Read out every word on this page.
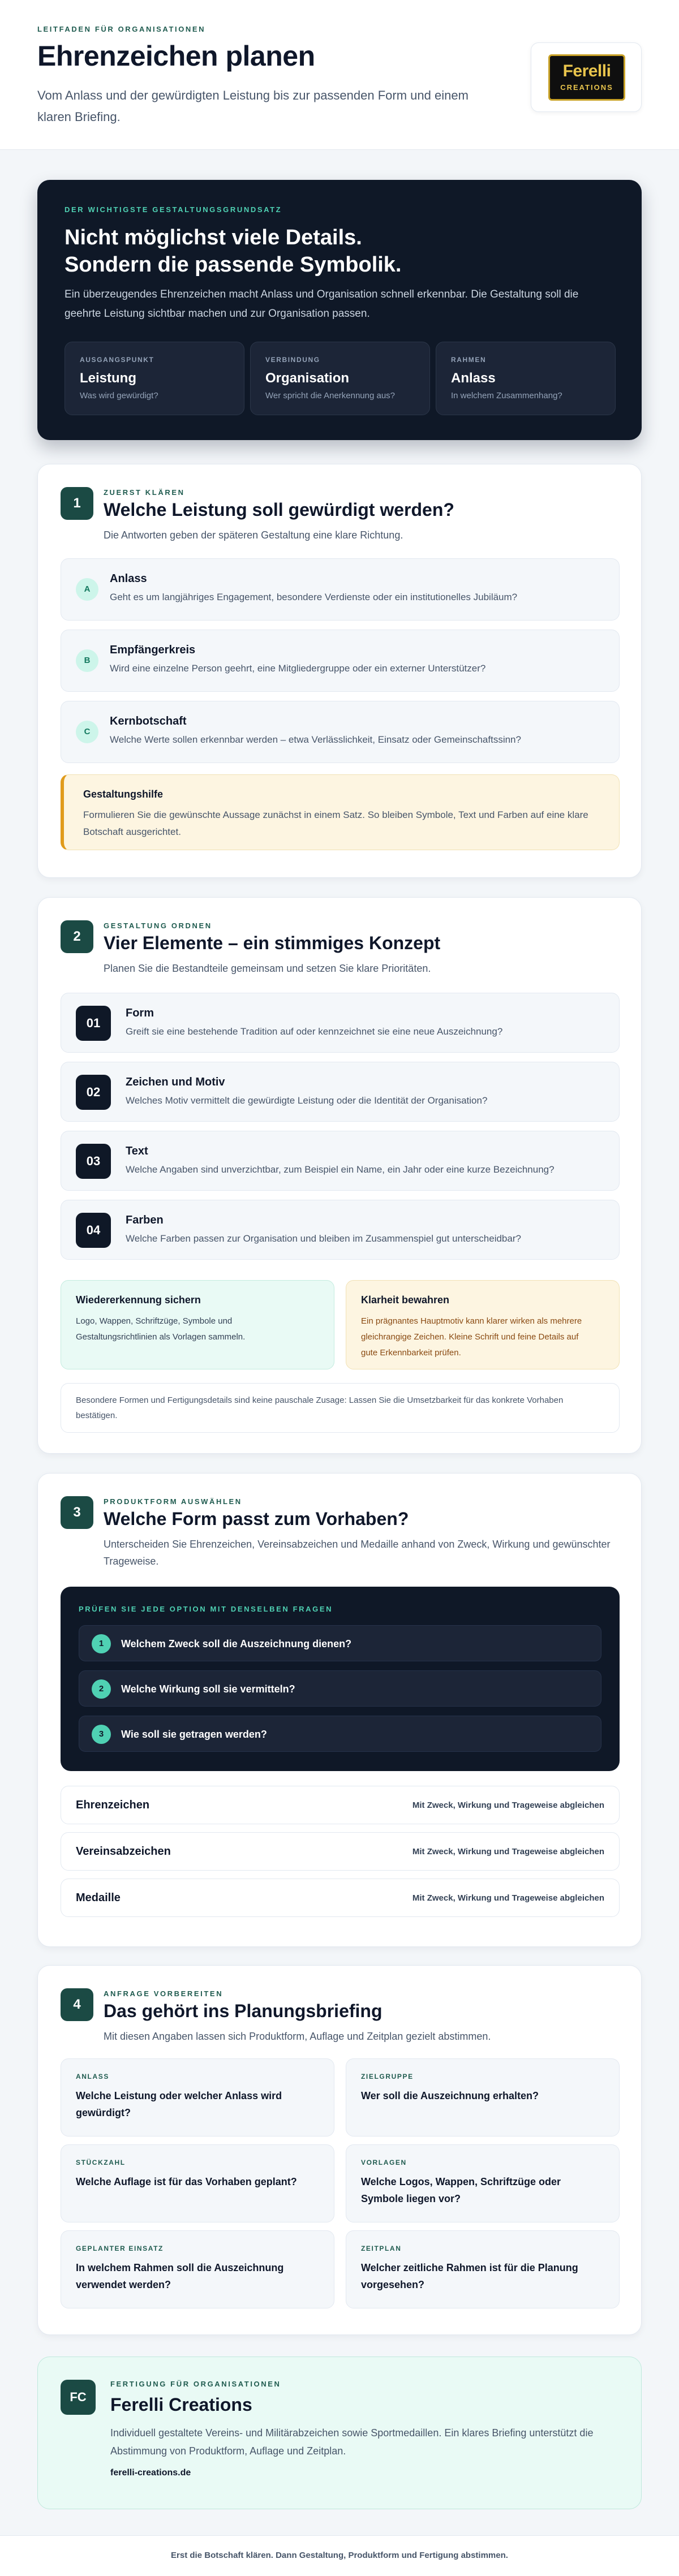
LEITFADEN FÜR ORGANISATIONEN
Ehrenzeichen planen
Vom Anlass und der gewürdigten Leistung bis zur passenden Form und einem klaren Briefing.
Ferelli
CREATIONS
DER WICHTIGSTE GESTALTUNGSGRUNDSATZ
Nicht möglichst viele Details.
Sondern die passende Symbolik.
Ein überzeugendes Ehrenzeichen macht Anlass und Organisation schnell erkennbar. Die Gestaltung soll die geehrte Leistung sichtbar machen und zur Organisation passen.
AUSGANGSPUNKT
Leistung
Was wird gewürdigt?
VERBINDUNG
Organisation
Wer spricht die Anerkennung aus?
RAHMEN
Anlass
In welchem Zusammenhang?
1
ZUERST KLÄREN
Welche Leistung soll gewürdigt werden?
Die Antworten geben der späteren Gestaltung eine klare Richtung.
A
Anlass
Geht es um langjähriges Engagement, besondere Verdienste oder ein institutionelles Jubiläum?
B
Empfängerkreis
Wird eine einzelne Person geehrt, eine Mitgliedergruppe oder ein externer Unterstützer?
C
Kernbotschaft
Welche Werte sollen erkennbar werden – etwa Verlässlichkeit, Einsatz oder Gemeinschaftssinn?
Gestaltungshilfe
Formulieren Sie die gewünschte Aussage zunächst in einem Satz. So bleiben Symbole, Text und Farben auf eine klare Botschaft ausgerichtet.
2
GESTALTUNG ORDNEN
Vier Elemente – ein stimmiges Konzept
Planen Sie die Bestandteile gemeinsam und setzen Sie klare Prioritäten.
01
Form
Greift sie eine bestehende Tradition auf oder kennzeichnet sie eine neue Auszeichnung?
02
Zeichen und Motiv
Welches Motiv vermittelt die gewürdigte Leistung oder die Identität der Organisation?
03
Text
Welche Angaben sind unverzichtbar, zum Beispiel ein Name, ein Jahr oder eine kurze Bezeichnung?
04
Farben
Welche Farben passen zur Organisation und bleiben im Zusammenspiel gut unterscheidbar?
Wiedererkennung sichern
Logo, Wappen, Schriftzüge, Symbole und Gestaltungsrichtlinien als Vorlagen sammeln.
Klarheit bewahren
Ein prägnantes Hauptmotiv kann klarer wirken als mehrere gleichrangige Zeichen. Kleine Schrift und feine Details auf gute Erkennbarkeit prüfen.
Besondere Formen und Fertigungsdetails sind keine pauschale Zusage: Lassen Sie die Umsetzbarkeit für das konkrete Vorhaben bestätigen.
3
PRODUKTFORM AUSWÄHLEN
Welche Form passt zum Vorhaben?
Unterscheiden Sie Ehrenzeichen, Vereinsabzeichen und Medaille anhand von Zweck, Wirkung und gewünschter Trageweise.
PRÜFEN SIE JEDE OPTION MIT DENSELBEN FRAGEN
1	Welchem Zweck soll die Auszeichnung dienen?
2	Welche Wirkung soll sie vermitteln?
3	Wie soll sie getragen werden?
Ehrenzeichen	Mit Zweck, Wirkung und Trageweise abgleichen
Vereinsabzeichen	Mit Zweck, Wirkung und Trageweise abgleichen
Medaille	Mit Zweck, Wirkung und Trageweise abgleichen
4
ANFRAGE VORBEREITEN
Das gehört ins Planungsbriefing
Mit diesen Angaben lassen sich Produktform, Auflage und Zeitplan gezielt abstimmen.
ANLASS
Welche Leistung oder welcher Anlass wird gewürdigt?
ZIELGRUPPE
Wer soll die Auszeichnung erhalten?
STÜCKZAHL
Welche Auflage ist für das Vorhaben geplant?
VORLAGEN
Welche Logos, Wappen, Schriftzüge oder Symbole liegen vor?
GEPLANTER EINSATZ
In welchem Rahmen soll die Auszeichnung verwendet werden?
ZEITPLAN
Welcher zeitliche Rahmen ist für die Planung vorgesehen?
FC
FERTIGUNG FÜR ORGANISATIONEN
Ferelli Creations
Individuell gestaltete Vereins- und Militärabzeichen sowie Sportmedaillen. Ein klares Briefing unterstützt die Abstimmung von Produktform, Auflage und Zeitplan.
ferelli-creations.de
Erst die Botschaft klären. Dann Gestaltung, Produktform und Fertigung abstimmen.
